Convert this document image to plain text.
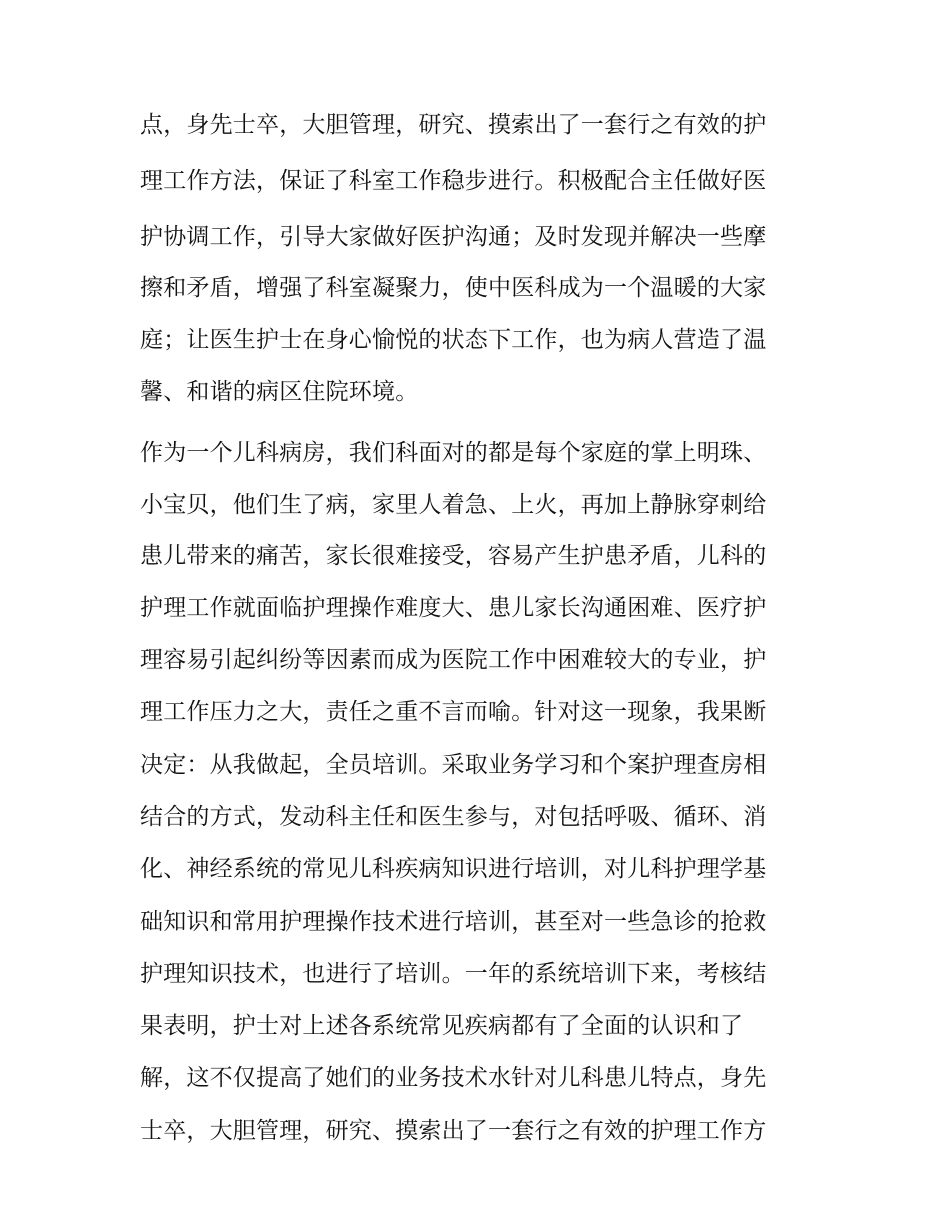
点，身先士卒，大胆管理，研究、摸索出了一套行之有效的护
理工作方法，保证了科室工作稳步进行。积极配合主任做好医
护协调工作，引导大家做好医护沟通；及时发现并解决一些摩
擦和矛盾，增强了科室凝聚力，使中医科成为一个温暖的大家
庭；让医生护士在身心愉悦的状态下工作，也为病人营造了温
馨、和谐的病区住院环境。
作为一个儿科病房，我们科面对的都是每个家庭的掌上明珠、
小宝贝，他们生了病，家里人着急、上火，再加上静脉穿刺给
患儿带来的痛苦，家长很难接受，容易产生护患矛盾，儿科的
护理工作就面临护理操作难度大、患儿家长沟通困难、医疗护
理容易引起纠纷等因素而成为医院工作中困难较大的专业，护
理工作压力之大，责任之重不言而喻。针对这一现象，我果断
决定：从我做起，全员培训。采取业务学习和个案护理查房相
结合的方式，发动科主任和医生参与，对包括呼吸、循环、消
化、神经系统的常见儿科疾病知识进行培训，对儿科护理学基
础知识和常用护理操作技术进行培训，甚至对一些急诊的抢救
护理知识技术，也进行了培训。一年的系统培训下来，考核结
果表明，护士对上述各系统常见疾病都有了全面的认识和了
解，这不仅提高了她们的业务技术水针对儿科患儿特点，身先
士卒，大胆管理，研究、摸索出了一套行之有效的护理工作方
